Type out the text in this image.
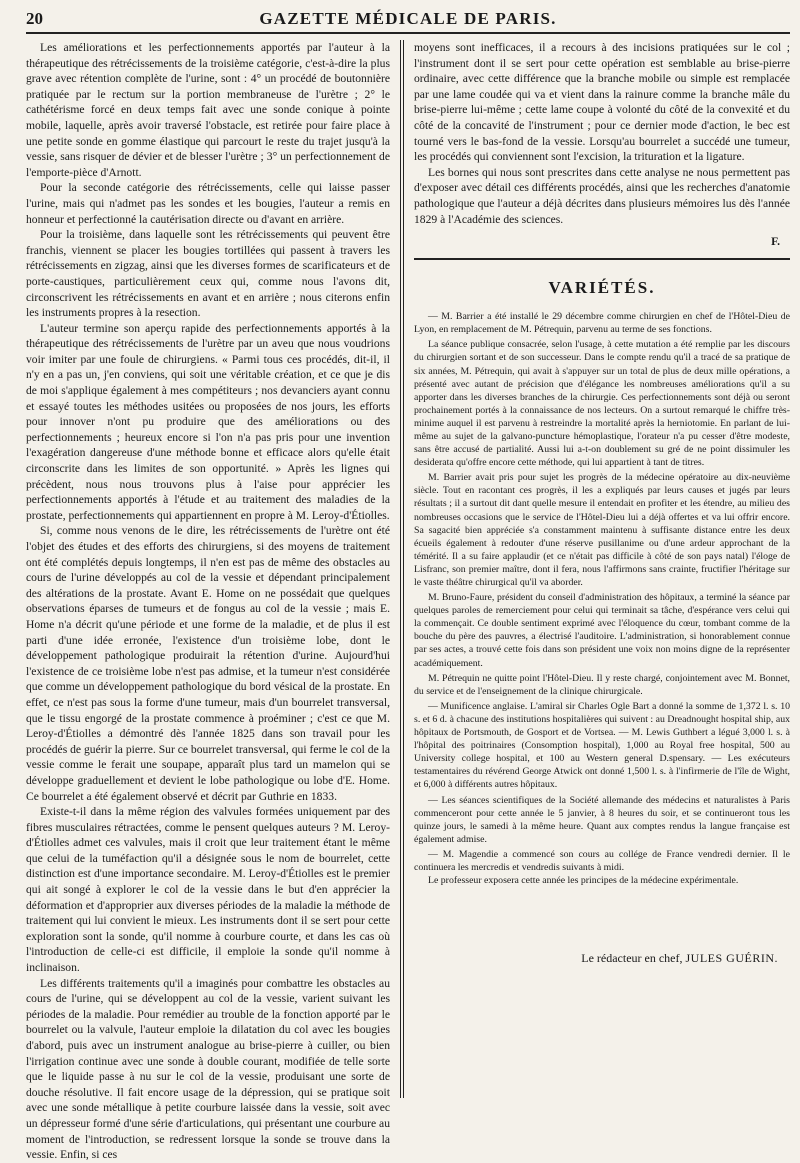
20	GAZETTE MÉDICALE DE PARIS.

Les améliorations et les perfectionnements apportés par l'auteur à la thérapeutique des rétrécissements de la troisième catégorie, c'est-à-dire la plus grave avec rétention complète de l'urine, sont : 4° un procédé de boutonnière pratiquée par le rectum sur la portion membraneuse de l'urètre ; 2° le cathétérisme forcé en deux temps fait avec une sonde conique à pointe mobile, laquelle, après avoir traversé l'obstacle, est retirée pour faire place à une petite sonde en gomme élastique qui parcourt le reste du trajet jusqu'à la vessie, sans risquer de dévier et de blesser l'urètre ; 3° un perfectionnement de l'emporte-pièce d'Arnott.

Pour la seconde catégorie des rétrécissements, celle qui laisse passer l'urine, mais qui n'admet pas les sondes et les bougies, l'auteur a remis en honneur et perfectionné la cautérisation directe ou d'avant en arrière.

Pour la troisième, dans laquelle sont les rétrécissements qui peuvent être franchis, viennent se placer les bougies tortillées qui passent à travers les rétrécissements en zigzag, ainsi que les diverses formes de scarificateurs et de porte-caustiques, particulièrement ceux qui, comme nous l'avons dit, circonscrivent les rétrécissements en avant et en arrière ; nous citerons enfin les instruments propres à la resection.

L'auteur termine son aperçu rapide des perfectionnements apportés à la thérapeutique des rétrécissements de l'urètre par un aveu que nous voudrions voir imiter par une foule de chirurgiens. « Parmi tous ces procédés, dit-il, il n'y en a pas un, j'en conviens, qui soit une véritable création, et ce que je dis de moi s'applique également à mes compétiteurs ; nos devanciers ayant connu et essayé toutes les méthodes usitées ou proposées de nos jours, les efforts pour innover n'ont pu produire que des améliorations ou des perfectionnements ; heureux encore si l'on n'a pas pris pour une invention l'exagération dangereuse d'une méthode bonne et efficace alors qu'elle était circonscrite dans les limites de son opportunité. » Après les lignes qui précèdent, nous nous trouvons plus à l'aise pour apprécier les perfectionnements apportés à l'étude et au traitement des maladies de la prostate, perfectionnements qui appartiennent en propre à M. Leroy-d'Étiolles.

Si, comme nous venons de le dire, les rétrécissements de l'urètre ont été l'objet des études et des efforts des chirurgiens, si des moyens de traitement ont été complétés depuis longtemps, il n'en est pas de même des obstacles au cours de l'urine développés au col de la vessie et dépendant principalement des altérations de la prostate. Avant E. Home on ne possédait que quelques observations éparses de tumeurs et de fongus au col de la vessie ; mais E. Home n'a décrit qu'une période et une forme de la maladie, et de plus il est parti d'une idée erronée, l'existence d'un troisième lobe, dont le développement pathologique produirait la rétention d'urine. Aujourd'hui l'existence de ce troisième lobe n'est pas admise, et la tumeur n'est considérée que comme un développement pathologique du bord vésical de la prostate. En effet, ce n'est pas sous la forme d'une tumeur, mais d'un bourrelet transversal, que le tissu engorgé de la prostate commence à proéminer ; c'est ce que M. Leroy-d'Étiolles a démontré dès l'année 1825 dans son travail pour les procédés de guérir la pierre. Sur ce bourrelet transversal, qui ferme le col de la vessie comme le ferait une soupape, apparaît plus tard un mamelon qui se développe graduellement et devient le lobe pathologique ou lobe d'E. Home. Ce bourrelet a été également observé et décrit par Guthrie en 1833.

Existe-t-il dans la même région des valvules formées uniquement par des fibres musculaires rétractées, comme le pensent quelques auteurs ? M. Leroy-d'Étiolles admet ces valvules, mais il croit que leur traitement étant le même que celui de la tuméfaction qu'il a désignée sous le nom de bourrelet, cette distinction est d'une importance secondaire. M. Leroy-d'Étiolles est le premier qui ait songé à explorer le col de la vessie dans le but d'en apprécier la déformation et d'approprier aux diverses périodes de la maladie la méthode de traitement qui lui convient le mieux. Les instruments dont il se sert pour cette exploration sont la sonde, qu'il nomme à courbure courte, et dans les cas où l'introduction de celle-ci est difficile, il emploie la sonde qu'il nomme à inclinaison.

Les différents traitements qu'il a imaginés pour combattre les obstacles au cours de l'urine, qui se développent au col de la vessie, varient suivant les périodes de la maladie. Pour remédier au trouble de la fonction apporté par le bourrelet ou la valvule, l'auteur emploie la dilatation du col avec les bougies d'abord, puis avec un instrument analogue au brise-pierre à cuiller, ou bien l'irrigation continue avec une sonde à double courant, modifiée de telle sorte que le liquide passe à nu sur le col de la vessie, produisant une sorte de douche résolutive. Il fait encore usage de la dépression, qui se pratique soit avec une sonde métallique à petite courbure laissée dans la vessie, soit avec un dépresseur formé d'une série d'articulations, qui présentant une courbure au moment de l'introduction, se redressent lorsque la sonde se trouve dans la vessie. Enfin, si ces

moyens sont inefficaces, il a recours à des incisions pratiquées sur le col ; l'instrument dont il se sert pour cette opération est semblable au brise-pierre ordinaire, avec cette différence que la branche mobile ou simple est remplacée par une lame coudée qui va et vient dans la rainure comme la branche mâle du brise-pierre lui-même ; cette lame coupe à volonté du côté de la convexité et du côté de la concavité de l'instrument ; pour ce dernier mode d'action, le bec est tourné vers le bas-fond de la vessie. Lorsqu'au bourrelet a succédé une tumeur, les procédés qui conviennent sont l'excision, la trituration et la ligature.

Les bornes qui nous sont prescrites dans cette analyse ne nous permettent pas d'exposer avec détail ces différents procédés, ainsi que les recherches d'anatomie pathologique que l'auteur a déjà décrites dans plusieurs mémoires lus dès l'année 1829 à l'Académie des sciences.

F.
VARIÉTÉS.

— M. Barrier a été installé le 29 décembre comme chirurgien en chef de l'Hôtel-Dieu de Lyon, en remplacement de M. Pétrequin, parvenu au terme de ses fonctions.

La séance publique consacrée, selon l'usage, à cette mutation a été remplie par les discours du chirurgien sortant et de son successeur. Dans le compte rendu qu'il a tracé de sa pratique de six années, M. Pétrequin, qui avait à s'appuyer sur un total de plus de deux mille opérations, a présenté avec autant de précision que d'élégance les nombreuses améliorations qu'il a su apporter dans les diverses branches de la chirurgie. Ces perfectionnements sont déjà ou seront prochainement portés à la connaissance de nos lecteurs. On a surtout remarqué le chiffre très-minime auquel il est parvenu à restreindre la mortalité après la herniotomie. En parlant de lui-même au sujet de la galvano-puncture hémoplastique, l'orateur n'a pu cesser d'être modeste, sans être accusé de partialité. Aussi lui a-t-on doublement su gré de ne point dissimuler les desiderata qu'offre encore cette méthode, qui lui appartient à tant de titres.

M. Barrier avait pris pour sujet les progrès de la médecine opératoire au dix-neuvième siècle. Tout en racontant ces progrès, il les a expliqués par leurs causes et jugés par leurs résultats ; il a surtout dit dant quelle mesure il entendait en profiter et les étendre, au milieu des nombreuses occasions que le service de l'Hôtel-Dieu lui a déjà offertes et va lui offrir encore. Sa sagacité bien appréciée s'a constamment maintenu à suffisante distance entre les deux écueils également à redouter d'une réserve pusillanime ou d'une ardeur approchant de la témérité. Il a su faire applaudir (et ce n'était pas difficile à côté de son pays natal) l'éloge de Lisfranc, son premier maître, dont il fera, nous l'affirmons sans crainte, fructifier l'héritage sur le vaste théâtre chirurgical qu'il va aborder.

M. Bruno-Faure, président du conseil d'administration des hôpitaux, a terminé la séance par quelques paroles de remerciement pour celui qui terminait sa tâche, d'espérance vers celui qui la commençait. Ce double sentiment exprimé avec l'éloquence du cœur, tombant comme de la bouche du père des pauvres, a électrisé l'auditoire. L'administration, si honorablement connue par ses actes, a trouvé cette fois dans son président une voix non moins digne de la représenter académiquement.

M. Pétrequin ne quitte point l'Hôtel-Dieu. Il y reste chargé, conjointement avec M. Bonnet, du service et de l'enseignement de la clinique chirurgicale.

— Munificence anglaise. L'amiral sir Charles Ogle Bart a donné la somme de 1,372 l. s. 10 s. et 6 d. à chacune des institutions hospitalières qui suivent : au Dreadnought hospital ship, aux hôpitaux de Portsmouth, de Gosport et de Vortsea. — M. Lewis Guthbert a légué 3,000 l. s. à l'hôpital des poitrinaires (Consomption hospital), 1,000 au Royal free hospital, 500 au University college hospital, et 100 au Western general D.spensary. — Les exécuteurs testamentaires du révérend George Atwick ont donné 1,500 l. s. à l'infirmerie de l'île de Wight, et 6,000 à différents autres hôpitaux.

— Les séances scientifiques de la Société allemande des médecins et naturalistes à Paris commenceront pour cette année le 5 janvier, à 8 heures du soir, et se continueront tous les quinze jours, le samedi à la même heure. Quant aux comptes rendus la langue française est également admise.

— M. Magendie a commencé son cours au collége de France vendredi dernier. Il le continuera les mercredis et vendredis suivants à midi.

Le professeur exposera cette année les principes de la médecine expérimentale.

Le rédacteur en chef, JULES GUÉRIN.
